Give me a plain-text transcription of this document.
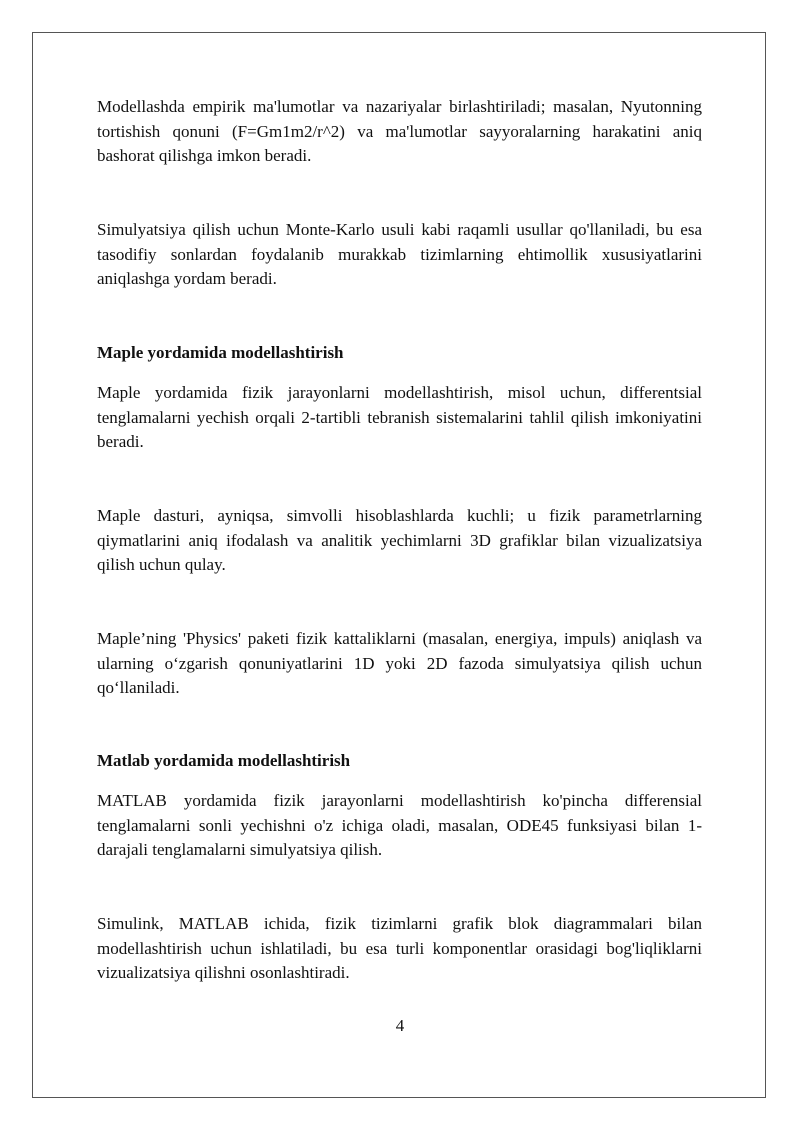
Modellashda empirik ma'lumotlar va nazariyalar birlashtiriladi; masalan, Nyutonning tortishish qonuni (F=Gm1m2/r^2) va ma'lumotlar sayyoralarning harakatini aniq bashorat qilishga imkon beradi.

Simulyatsiya qilish uchun Monte-Karlo usuli kabi raqamli usullar qo'llaniladi, bu esa tasodifiy sonlardan foydalanib murakkab tizimlarning ehtimollik xususiyatlarini aniqlashga yordam beradi.

Maple yordamida modellashtirish

Maple yordamida fizik jarayonlarni modellashtirish, misol uchun, differentsial tenglamalarni yechish orqali 2-tartibli tebranish sistemalarini tahlil qilish imkoniyatini beradi.

Maple dasturi, ayniqsa, simvolli hisoblashlarda kuchli; u fizik parametrlarning qiymatlarini aniq ifodalash va analitik yechimlarni 3D grafiklar bilan vizualizatsiya qilish uchun qulay.

Maple’ning 'Physics' paketi fizik kattaliklarni (masalan, energiya, impuls) aniqlash va ularning o‘zgarish qonuniyatlarini 1D yoki 2D fazoda simulyatsiya qilish uchun qo‘llaniladi.

Matlab yordamida modellashtirish

MATLAB yordamida fizik jarayonlarni modellashtirish ko'pincha differensial tenglamalarni sonli yechishni o'z ichiga oladi, masalan, ODE45 funksiyasi bilan 1-darajali tenglamalarni simulyatsiya qilish.

Simulink, MATLAB ichida, fizik tizimlarni grafik blok diagrammalari bilan modellashtirish uchun ishlatiladi, bu esa turli komponentlar orasidagi bog'liqliklarni vizualizatsiya qilishni osonlashtiradi.

4
